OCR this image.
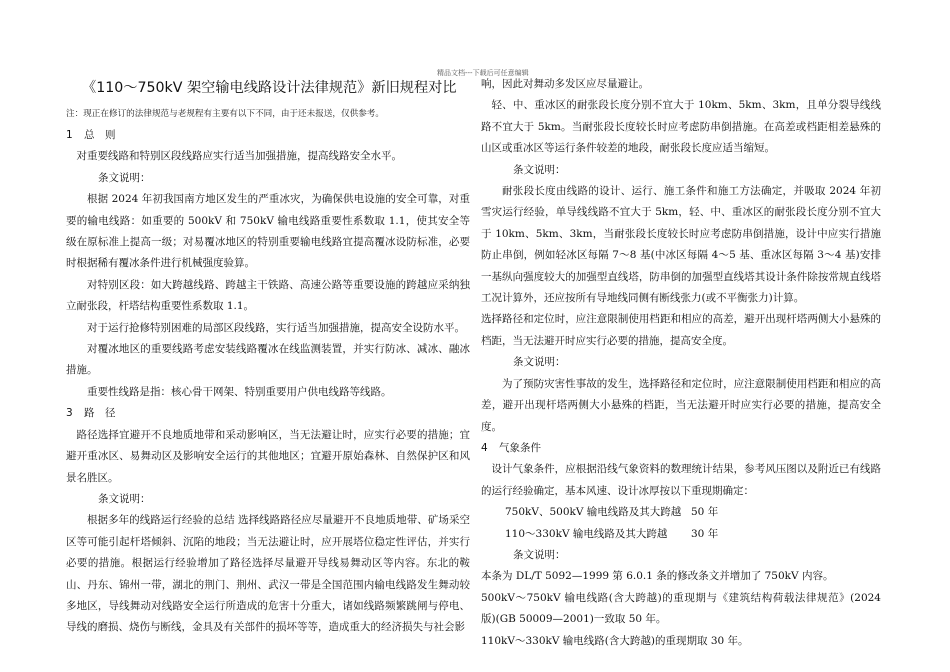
精品文档---下载后可任意编辑
《110～750kV 架空输电线路设计法律规范》新旧规程对比

注：现正在修订的法律规范与老规程有主要有以下不同，由于还未报送，仅供参考。

1 总　则

对重要线路和特别区段线路应实行适当加强措施，提高线路安全水平。

条文说明：

根据 2024 年初我国南方地区发生的严重冰灾，为确保供电设施的安全可靠，对重要的输电线路：如重要的 500kV 和 750kV 输电线路重要性系数取 1.1，使其安全等级在原标准上提高一级；对易覆冰地区的特别重要输电线路宜提高覆冰设防标准，必要时根据稀有覆冰条件进行机械强度验算。

对特别区段：如大跨越线路、跨越主干铁路、高速公路等重要设施的跨越应采纳独立耐张段，杆塔结构重要性系数取 1.1。

对于运行抢修特别困难的局部区段线路，实行适当加强措施，提高安全设防水平。

对覆冰地区的重要线路考虑安装线路覆冰在线监测装置，并实行防冰、减冰、融冰措施。

重要性线路是指：核心骨干网架、特别重要用户供电线路等线路。

3 路　径

路径选择宜避开不良地质地带和采动影响区，当无法避让时，应实行必要的措施；宜避开重冰区、易舞动区及影响安全运行的其他地区；宜避开原始森林、自然保护区和风景名胜区。

条文说明：

根据多年的线路运行经验的总结 选择线路路径应尽量避开不良地质地带、矿场采空区等可能引起杆塔倾斜、沉陷的地段；当无法避让时，应开展塔位稳定性评估，并实行必要的措施。根据运行经验增加了路径选择尽量避开导线易舞动区等内容。东北的鞍山、丹东、锦州一带，湖北的荆门、荆州、武汉一带是全国范围内输电线路发生舞动较多地区，导线舞动对线路安全运行所造成的危害十分重大，诸如线路频繁跳闸与停电、导线的磨损、烧伤与断线，金具及有关部件的损坏等等，造成重大的经济损失与社会影

响，因此对舞动多发区应尽量避让。

轻、中、重冰区的耐张段长度分别不宜大于 10km、5km、3km，且单分裂导线线路不宜大于 5km。当耐张段长度较长时应考虑防串倒措施。在高差或档距相差悬殊的山区或重冰区等运行条件较差的地段，耐张段长度应适当缩短。

条文说明：

耐张段长度由线路的设计、运行、施工条件和施工方法确定，并吸取 2024 年初雪灾运行经验，单导线线路不宜大于 5km，轻、中、重冰区的耐张段长度分别不宜大于 10km、5km、3km，当耐张段长度较长时应考虑防串倒措施，设计中应实行措施防止串倒，例如轻冰区每隔 7～8 基(中冰区每隔 4～5 基、重冰区每隔 3～4 基)安排一基纵向强度较大的加强型直线塔，防串倒的加强型直线塔其设计条件除按常规直线塔工况计算外，还应按所有导地线同侧有断线张力(或不平衡张力)计算。

选择路径和定位时，应注意限制使用档距和相应的高差，避开出现杆塔两侧大小悬殊的档距，当无法避开时应实行必要的措施，提高安全度。

条文说明：

为了预防灾害性事故的发生，选择路径和定位时，应注意限制使用档距和相应的高差，避开出现杆塔两侧大小悬殊的档距，当无法避开时应实行必要的措施，提高安全度。

4 气象条件

设计气象条件，应根据沿线气象资料的数理统计结果，参考风压图以及附近已有线路的运行经验确定，基本风速、设计冰厚按以下重现期确定：

750kV、500kV 输电线路及其大跨越 50 年

110～330kV 输电线路及其大跨越 30 年

条文说明：

本条为 DL/T 5092—1999 第 6.0.1 条的修改条文并增加了 750kV 内容。

500kV～750kV 输电线路(含大跨越)的重现期与《建筑结构荷载法律规范》(2024 版)(GB 50009—2001)一致取 50 年。

110kV～330kV 输电线路(含大跨越)的重现期取 30 年。
